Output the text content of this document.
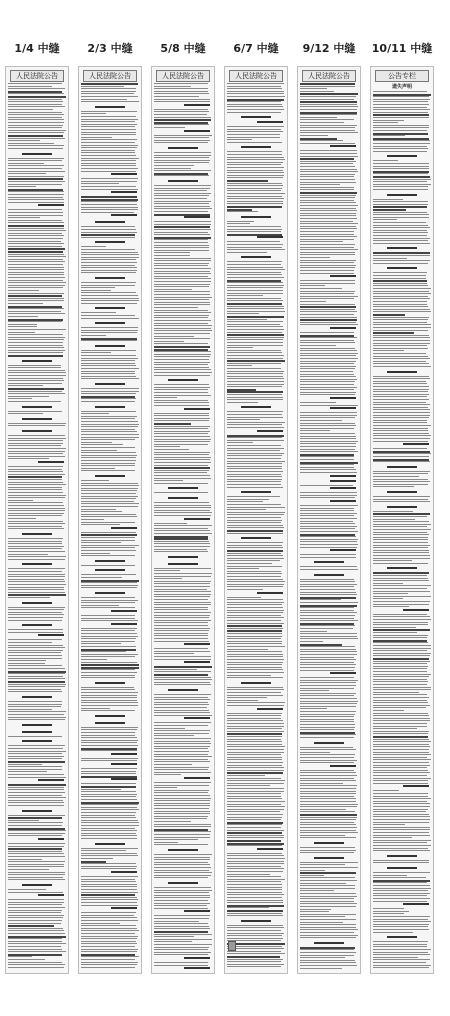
1/4 中缝	2/3 中缝	5/8 中缝	6/7 中缝	9/12 中缝	10/11 中缝
人民法院公告	人民法院公告	人民法院公告	人民法院公告	人民法院公告	公告专栏
遗失声明
